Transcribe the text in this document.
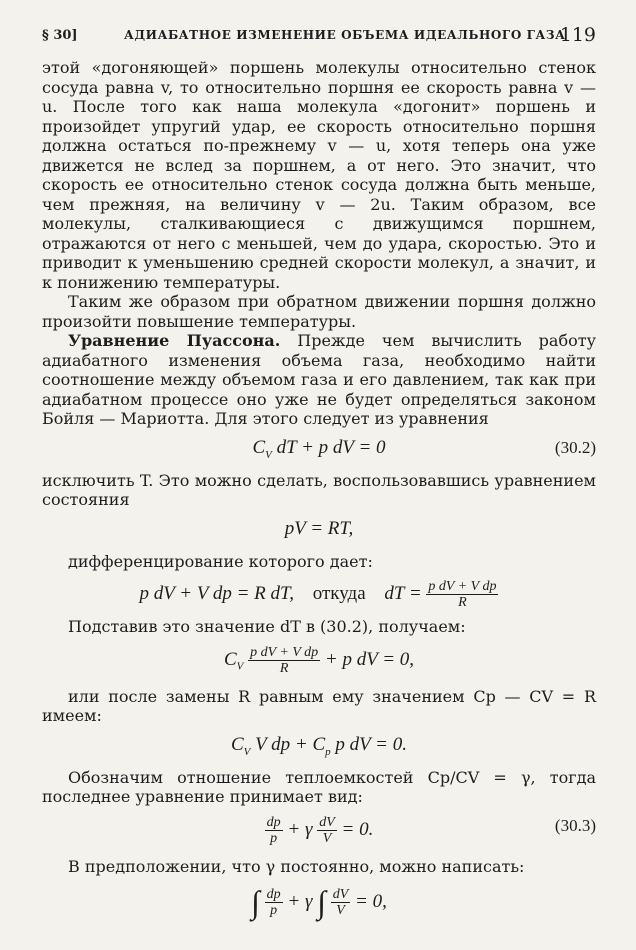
§ 30]	АДИАБАТНОЕ ИЗМЕНЕНИЕ ОБЪЕМА ИДЕАЛЬНОГО ГАЗА
119

этой «догоняющей» поршень молекулы относительно стенок сосуда равна v, то относительно поршня ее скорость равна v — u. После того как наша молекула «догонит» поршень и произойдет упругий удар, ее скорость относительно поршня должна остаться по-прежнему v — u, хотя теперь она уже движется не вслед за поршнем, а от него. Это значит, что скорость ее относительно стенок сосуда должна быть меньше, чем прежняя, на величину v — 2u. Таким образом, все молекулы, сталкивающиеся с движущимся поршнем, отражаются от него с меньшей, чем до удара, скоростью. Это и приводит к уменьшению средней скорости молекул, а значит, и к понижению температуры.

Таким же образом при обратном движении поршня должно произойти повышение температуры.

Уравнение Пуассона. Прежде чем вычислить работу адиабатного изменения объема газа, необходимо найти соотношение между объемом газа и его давлением, так как при адиабатном процессе оно уже не будет определяться законом Бойля — Мариотта. Для этого следует из уравнения

$C_V$ dT + p dV = 0	(30.2)

исключить T. Это можно сделать, воспользовавшись уравнением состояния

pV = RT,

дифференцирование которого дает:

p dV + V dp = R dT, откуда dT = $\frac{\text{p dV + V dp}}{R}$

Подставив это значение dT в (30.2), получаем:

$C_V \frac{\text{p dV + V dp}}{R} + p$ dV = 0,

или после замены R равным ему значением Cp — CV = R имеем:

$C_V$ V dp + $C_p$ p dV = 0.

Обозначим отношение теплоемкостей Cp/CV = γ, тогда последнее уравнение принимает вид:

$\frac{dp}{p} + \gamma \frac{dV}{V} = 0$.	(30.3)

В предположении, что γ постоянно, можно написать:

∫ $\frac{dp}{p} + \gamma$ ∫ $\frac{dV}{V} = 0$,
